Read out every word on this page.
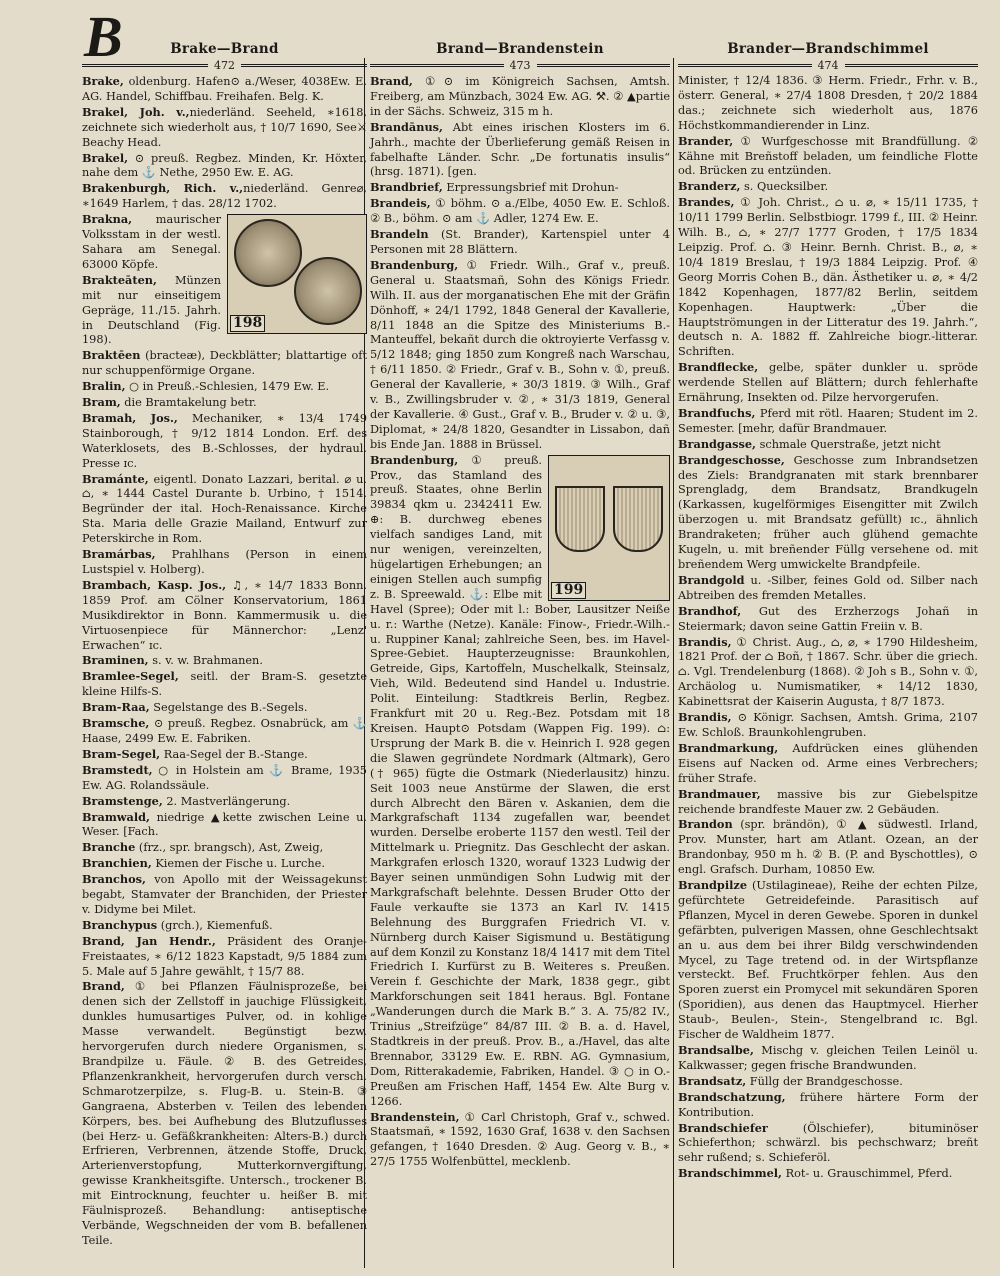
B	Brake—Brand
472

Brake, oldenburg. Hafen⊙ a./Weser, 4038Ew. E. AG. Handel, Schiffbau. Freihafen. Belg. K.

Brakel, Joh. v.,niederländ. Seeheld, ∗1618, zeichnete sich wiederholt aus, † 10/7 1690, See⚔ Beachy Head.

Brakel, ⊙ preuß. Regbez. Minden, Kr. Höxter, nahe dem ⚓ Nethe, 2950 Ew. E. AG.

Brakenburgh, Rich. v.,niederländ. Genre⌀, ∗1649 Harlem, † das. 28/12 1702.

198
Brakna, maurischer Volksstam in der westl. Sahara am Senegal. 63000 Köpfe.

Brakteāten, Münzen mit nur einseitigem Gepräge, 11./15. Jahrh. in Deutschland (Fig. 198).

Braktēen (bracteæ), Deckblätter; blattartige oft nur schuppenförmige Organe.

Bralin, ○ in Preuß.-Schlesien, 1479 Ew. E.

Bram, die Bramtakelung betr.

Bramah, Jos., Mechaniker, ∗ 13/4 1749 Stainborough, † 9/12 1814 London. Erf. des Waterklosets, des B.-Schlosses, der hydraul. Presse ɪc.

Bramánte, eigentl. Donato Lazzari, berital. ⌀ u. ⌂, ∗ 1444 Castel Durante b. Urbino, † 1514. Begründer der ital. Hoch-Renaissance. Kirche Sta. Maria delle Grazie Mailand, Entwurf zur Peterskirche in Rom.

Bramárbas, Prahlhans (Person in einem Lustspiel v. Holberg).

Brambach, Kasp. Jos., ♫, ∗ 14/7 1833 Bonn. 1859 Prof. am Cölner Konservatorium, 1861 Musikdirektor in Bonn. Kammermusik u. die Virtuosenpiece für Männerchor: „Lenz' Erwachen“ ɪc.

Braminen, s. v. w. Brahmanen.

Bramlee-Segel, seitl. der Bram-S. gesetzte kleine Hilfs-S.

Bram-Raa, Segelstange des B.-Segels.

Bramsche, ⊙ preuß. Regbez. Osnabrück, am ⚓ Haase, 2499 Ew. E. Fabriken.

Bram-Segel, Raa-Segel der B.-Stange.

Bramstedt, ○ in Holstein am ⚓ Brame, 1935 Ew. AG. Rolandssäule.

Bramstenge, 2. Mastverlängerung.

Bramwald, niedrige ▲kette zwischen Leine u. Weser. [Fach.

Branche (frz., spr. brangsch), Ast, Zweig,

Branchien, Kiemen der Fische u. Lurche.

Branchos, von Apollo mit der Weissagekunst begabt, Stamvater der Branchiden, der Priester v. Didyme bei Milet.

Branchypus (grch.), Kiemenfuß.

Brand, Jan Hendr., Präsident des Oranje-Freistaates, ∗ 6/12 1823 Kapstadt, 9/5 1884 zum 5. Male auf 5 Jahre gewählt, † 15/7 88.

Brand, ① bei Pflanzen Fäulnisprozeße, bei denen sich der Zellstoff in jauchige Flüssigkeit, dunkles humusartiges Pulver, od. in kohlige Masse verwandelt. Begünstigt bezw. hervorgerufen durch niedere Organismen, s. Brandpilze u. Fäule. ② B. des Getreides, Pflanzenkrankheit, hervorgerufen durch versch. Schmarotzerpilze, s. Flug-B. u. Stein-B. ③ Gangraena, Absterben v. Teilen des lebenden Körpers, bes. bei Aufhebung des Blutzuflusses (bei Herz- u. Gefäßkrankheiten: Alters-B.) durch Erfrieren, Verbrennen, ätzende Stoffe, Druck, Arterienverstopfung, Mutterkornvergiftung, gewisse Krankheitsgifte. Untersch., trockener B. mit Eintrocknung, feuchter u. heißer B. mit Fäulnisprozeß. Behandlung: antiseptische Verbände, Wegschneiden der vom B. befallenen Teile.

Brand—Brandenstein
473

Brand, ①⊙ im Königreich Sachsen, Amtsh. Freiberg, am Münzbach, 3024 Ew. AG. ⚒. ② ▲partie in der Sächs. Schweiz, 315 m h.

Brandānus, Abt eines irischen Klosters im 6. Jahrh., machte der Überlieferung gemäß Reisen in fabelhafte Länder. Schr. „De fortunatis insulis“ (hrsg. 1871). [gen.

Brandbrief, Erpressungsbrief mit Drohun-

Brandeis, ① böhm. ⊙ a./Elbe, 4050 Ew. E. Schloß. ② B., böhm. ⊙ am ⚓ Adler, 1274 Ew. E.

Brandeln (St. Brander), Kartenspiel unter 4 Personen mit 28 Blättern.

Brandenburg, ① Friedr. Wilh., Graf v., preuß. General u. Staatsmañ, Sohn des Königs Friedr. Wilh. II. aus der morganatischen Ehe mit der Gräfin Dönhoff, ∗ 24/1 1792, 1848 General der Kavallerie, 8/11 1848 an die Spitze des Ministeriums B.-Manteuffel, bekañt durch die oktroyierte Verfassg v. 5/12 1848; ging 1850 zum Kongreß nach Warschau, † 6/11 1850. ② Friedr., Graf v. B., Sohn v. ①, preuß. General der Kavallerie, ∗ 30/3 1819. ③ Wilh., Graf v. B., Zwillingsbruder v. ②, ∗ 31/3 1819, General der Kavallerie. ④ Gust., Graf v. B., Bruder v. ② u. ③, Diplomat, ∗ 24/8 1820, Gesandter in Lissabon, dañ bis Ende Jan. 1888 in Brüssel.

199
Brandenburg, ① preuß. Prov., das Stamland des preuß. Staates, ohne Berlin 39834 qkm u. 2342411 Ew. ⊕: B. durchweg ebenes vielfach sandiges Land, mit nur wenigen, vereinzelten, hügelartigen Erhebungen; an einigen Stellen auch sumpfig z. B. Spreewald. ⚓: Elbe mit Havel (Spree); Oder mit l.: Bober, Lausitzer Neiße u. r.: Warthe (Netze). Kanäle: Finow-, Friedr.-Wilh.- u. Ruppiner Kanal; zahlreiche Seen, bes. im Havel-Spree-Gebiet. Haupterzeugnisse: Braunkohlen, Getreide, Gips, Kartoffeln, Muschelkalk, Steinsalz, Vieh, Wild. Bedeutend sind Handel u. Industrie. Polit. Einteilung: Stadtkreis Berlin, Regbez. Frankfurt mit 20 u. Reg.-Bez. Potsdam mit 18 Kreisen. Haupt⊙ Potsdam (Wappen Fig. 199). ⌂: Ursprung der Mark B. die v. Heinrich I. 928 gegen die Slawen gegründete Nordmark (Altmark), Gero († 965) fügte die Ostmark (Niederlausitz) hinzu. Seit 1003 neue Anstürme der Slawen, die erst durch Albrecht den Bären v. Askanien, dem die Markgrafschaft 1134 zugefallen war, beendet wurden. Derselbe eroberte 1157 den westl. Teil der Mittelmark u. Priegnitz. Das Geschlecht der askan. Markgrafen erlosch 1320, worauf 1323 Ludwig der Bayer seinen unmündigen Sohn Ludwig mit der Markgrafschaft belehnte. Dessen Bruder Otto der Faule verkaufte sie 1373 an Karl IV. 1415 Belehnung des Burggrafen Friedrich VI. v. Nürnberg durch Kaiser Sigismund u. Bestätigung auf dem Konzil zu Konstanz 18/4 1417 mit dem Titel Friedrich I. Kurfürst zu B. Weiteres s. Preußen. Verein f. Geschichte der Mark, 1838 gegr., gibt Markforschungen seit 1841 heraus. Bgl. Fontane „Wanderungen durch die Mark B.“ 3. A. 75/82 IV., Trinius „Streifzüge“ 84/87 III. ② B. a. d. Havel, Stadtkreis in der preuß. Prov. B., a./Havel, das alte Brennabor, 33129 Ew. E. RBN. AG. Gymnasium, Dom, Ritterakademie, Fabriken, Handel. ③ ○ in O.-Preußen am Frischen Haff, 1454 Ew. Alte Burg v. 1266.

Brandenstein, ① Carl Christoph, Graf v., schwed. Staatsmañ, ∗ 1592, 1630 Graf, 1638 v. den Sachsen gefangen, † 1640 Dresden. ② Aug. Georg v. B., ∗ 27/5 1755 Wolfenbüttel, mecklenb.

Brander—Brandschimmel
474

Minister, † 12/4 1836. ③ Herm. Friedr., Frhr. v. B., österr. General, ∗ 27/4 1808 Dresden, † 20/2 1884 das.; zeichnete sich wiederholt aus, 1876 Höchstkommandierender in Linz.

Brander, ① Wurfgeschosse mit Brandfüllung. ② Kähne mit Breñstoff beladen, um feindliche Flotte od. Brücken zu entzünden.

Branderz, s. Quecksilber.

Brandes, ① Joh. Christ., ⌂ u. ⌀, ∗ 15/11 1735, † 10/11 1799 Berlin. Selbstbiogr. 1799 f., III. ② Heinr. Wilh. B., ⌂, ∗ 27/7 1777 Groden, † 17/5 1834 Leipzig. Prof. ⌂. ③ Heinr. Bernh. Christ. B., ⌀, ∗ 10/4 1819 Breslau, † 19/3 1884 Leipzig. Prof. ④ Georg Morris Cohen B., dän. Ästhetiker u. ⌀, ∗ 4/2 1842 Kopenhagen, 1877/82 Berlin, seitdem Kopenhagen. Hauptwerk: „Über die Hauptströmungen in der Litteratur des 19. Jahrh.“, deutsch n. A. 1882 ff. Zahlreiche biogr.-litterar. Schriften.

Brandflecke, gelbe, später dunkler u. spröde werdende Stellen auf Blättern; durch fehlerhafte Ernährung, Insekten od. Pilze hervorgerufen.

Brandfuchs, Pferd mit rötl. Haaren; Student im 2. Semester. [mehr, dafür Brandmauer.

Brandgasse, schmale Querstraße, jetzt nicht

Brandgeschosse, Geschosse zum Inbrandsetzen des Ziels: Brandgranaten mit stark brennbarer Sprengladg, dem Brandsatz, Brandkugeln (Karkassen, kugelförmiges Eisengitter mit Zwilch überzogen u. mit Brandsatz gefüllt) ɪc., ähnlich Brandraketen; früher auch glühend gemachte Kugeln, u. mit breñender Füllg versehene od. mit breñendem Werg umwickelte Brandpfeile.

Brandgold u. -Silber, feines Gold od. Silber nach Abtreiben des fremden Metalles.

Brandhof, Gut des Erzherzogs Johañ in Steiermark; davon seine Gattin Freiin v. B.

Brandis, ① Christ. Aug., ⌂, ⌀, ∗ 1790 Hildesheim, 1821 Prof. der ⌂ Boñ, † 1867. Schr. über die griech. ⌂. Vgl. Trendelenburg (1868). ② Joh s B., Sohn v. ①, Archäolog u. Numismatiker, ∗ 14/12 1830, Kabinettsrat der Kaiserin Augusta, † 8/7 1873.

Brandis, ⊙ Königr. Sachsen, Amtsh. Grima, 2107 Ew. Schloß. Braunkohlengruben.

Brandmarkung, Aufdrücken eines glühenden Eisens auf Nacken od. Arme eines Verbrechers; früher Strafe.

Brandmauer, massive bis zur Giebelspitze reichende brandfeste Mauer zw. 2 Gebäuden.

Brandon (spr. brändön), ① ▲ südwestl. Irland, Prov. Munster, hart am Atlant. Ozean, an der Brandonbay, 950 m h. ② B. (P. and Byschottles), ⊙ engl. Grafsch. Durham, 10850 Ew.

Brandpilze (Ustilagineae), Reihe der echten Pilze, gefürchtete Getreidefeinde. Parasitisch auf Pflanzen, Mycel in deren Gewebe. Sporen in dunkel gefärbten, pulverigen Massen, ohne Geschlechtsakt an u. aus dem bei ihrer Bildg verschwindenden Mycel, zu Tage tretend od. in der Wirtspflanze versteckt. Bef. Fruchtkörper fehlen. Aus den Sporen zuerst ein Promycel mit sekundären Sporen (Sporidien), aus denen das Hauptmycel. Hierher Staub-, Beulen-, Stein-, Stengelbrand ɪc. Bgl. Fischer de Waldheim 1877.

Brandsalbe, Mischg v. gleichen Teilen Leinöl u. Kalkwasser; gegen frische Brandwunden.

Brandsatz, Füllg der Brandgeschosse.

Brandschatzung, frühere härtere Form der Kontribution.

Brandschiefer (Ölschiefer), bituminöser Schieferthon; schwärzl. bis pechschwarz; breñt sehr rußend; s. Schieferöl.

Brandschimmel, Rot- u. Grauschimmel, Pferd.
